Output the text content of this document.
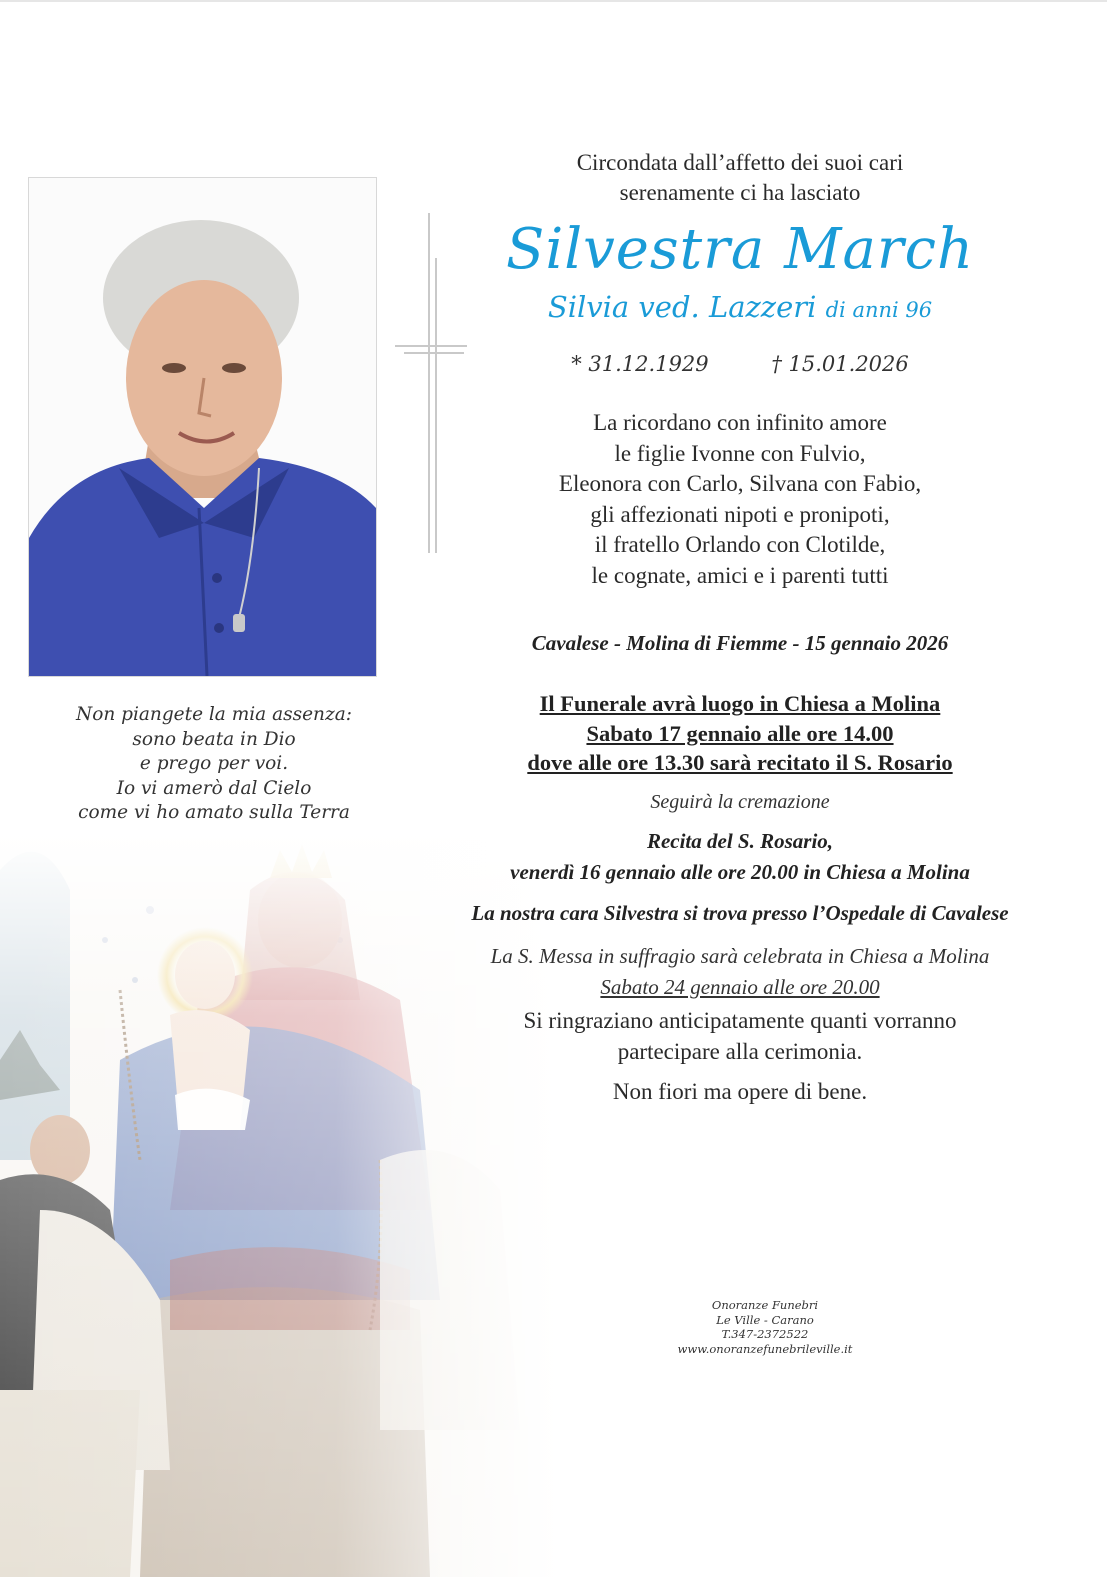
Non piangete la mia assenza:
sono beata in Dio
e prego per voi.
Io vi amerò dal Cielo
come vi ho amato sulla Terra
Circondata dall’affetto dei suoi cari
serenamente ci ha lasciato
Silvestra March
Silvia ved. Lazzeri di anni 96
* 31.12.1929	† 15.01.2026
La ricordano con infinito amore
le figlie Ivonne con Fulvio,
Eleonora con Carlo, Silvana con Fabio,
gli affezionati nipoti e pronipoti,
il fratello Orlando con Clotilde,
le cognate, amici e i parenti tutti
Cavalese - Molina di Fiemme - 15 gennaio 2026
Il Funerale avrà luogo in Chiesa a Molina
Sabato 17 gennaio alle ore 14.00
dove alle ore 13.30 sarà recitato il S. Rosario
Seguirà la cremazione
Recita del S. Rosario,
venerdì 16 gennaio alle ore 20.00 in Chiesa a Molina
La nostra cara Silvestra si trova presso l’Ospedale di Cavalese
La S. Messa in suffragio sarà celebrata in Chiesa a Molina
Sabato 24 gennaio alle ore 20.00
Si ringraziano anticipatamente quanti vorranno
partecipare alla cerimonia.
Non fiori ma opere di bene.
Onoranze Funebri
Le Ville - Carano
T.347-2372522
www.onoranzefunebrileville.it
